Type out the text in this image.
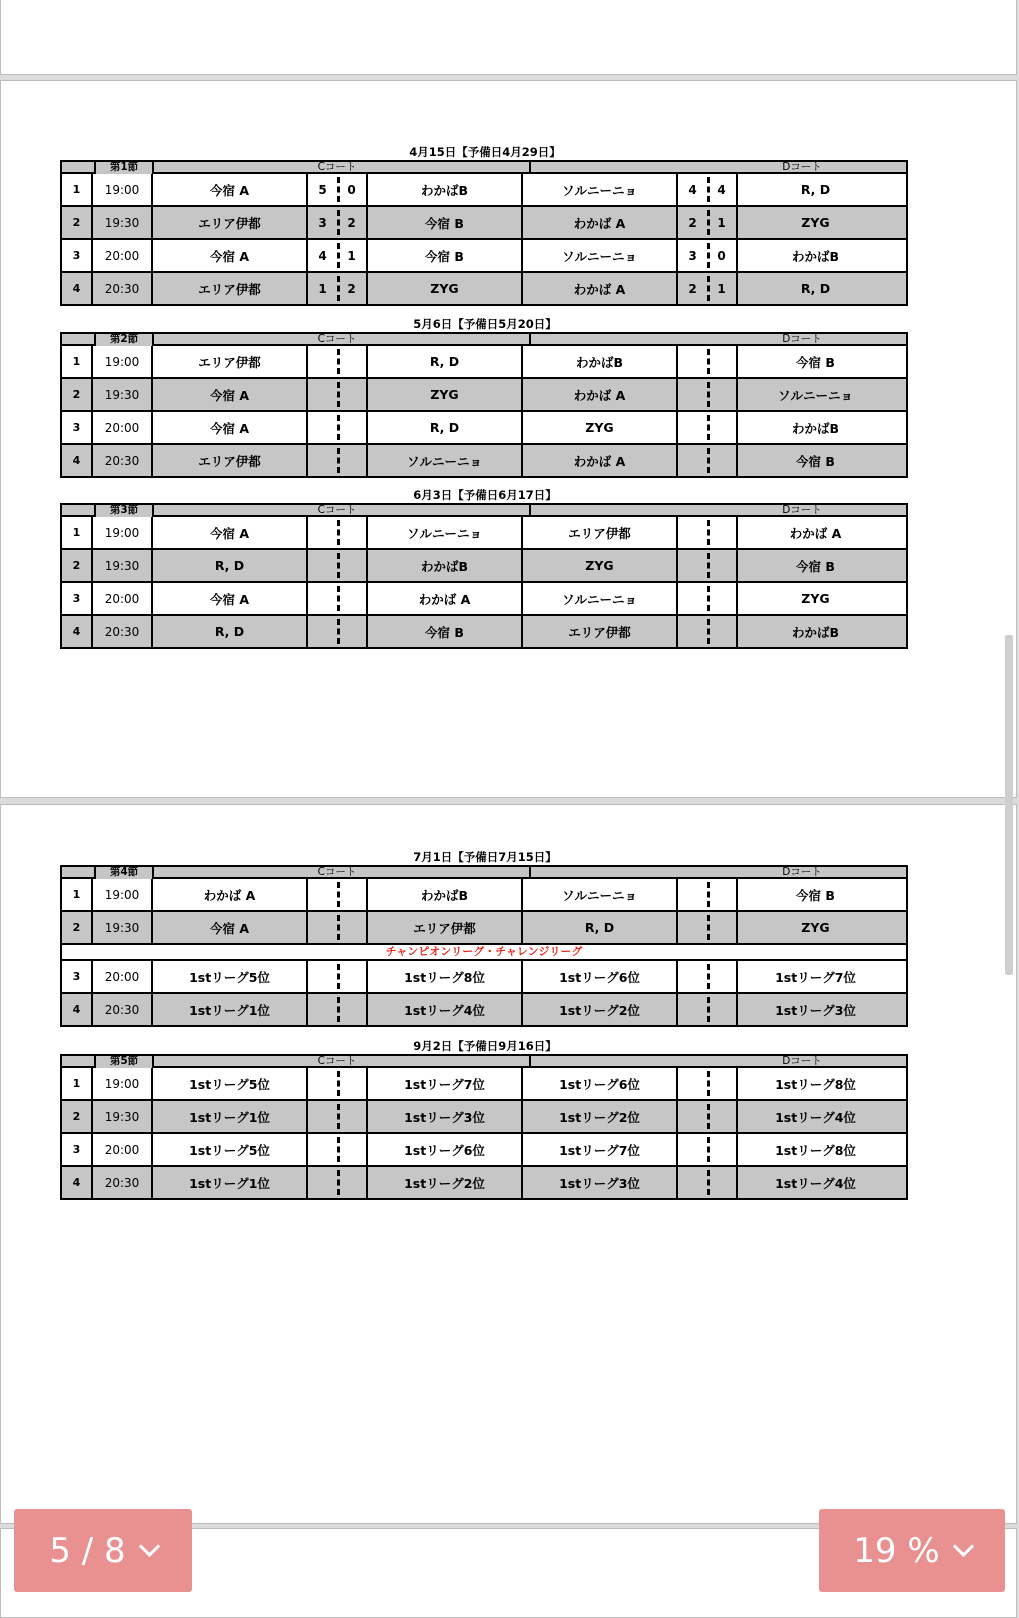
4月15日【予備日4月29日】
第1節	Cコート	Dコート
1	19:00	今宿 A	5	0	わかばB	ソルニーニョ	4	4	R, D
2	19:30	エリア伊都	3	2	今宿 B	わかば A	2	1	ZYG
3	20:00	今宿 A	4	1	今宿 B	ソルニーニョ	3	0	わかばB
4	20:30	エリア伊都	1	2	ZYG	わかば A	2	1	R, D
5月6日【予備日5月20日】
第2節	Cコート	Dコート
1	19:00	エリア伊都	R, D	わかばB	今宿 B
2	19:30	今宿 A	ZYG	わかば A	ソルニーニョ
3	20:00	今宿 A	R, D	ZYG	わかばB
4	20:30	エリア伊都	ソルニーニョ	わかば A	今宿 B
6月3日【予備日6月17日】
第3節	Cコート	Dコート
1	19:00	今宿 A	ソルニーニョ	エリア伊都	わかば A
2	19:30	R, D	わかばB	ZYG	今宿 B
3	20:00	今宿 A	わかば A	ソルニーニョ	ZYG
4	20:30	R, D	今宿 B	エリア伊都	わかばB
7月1日【予備日7月15日】
第4節	Cコート	Dコート
1	19:00	わかば A	わかばB	ソルニーニョ	今宿 B
2	19:30	今宿 A	エリア伊都	R, D	ZYG
チャンピオンリーグ・チャレンジリーグ
3	20:00	1stリーグ5位	1stリーグ8位	1stリーグ6位	1stリーグ7位
4	20:30	1stリーグ1位	1stリーグ4位	1stリーグ2位	1stリーグ3位
9月2日【予備日9月16日】
第5節	Cコート	Dコート
1	19:00	1stリーグ5位	1stリーグ7位	1stリーグ6位	1stリーグ8位
2	19:30	1stリーグ1位	1stリーグ3位	1stリーグ2位	1stリーグ4位
3	20:00	1stリーグ5位	1stリーグ6位	1stリーグ7位	1stリーグ8位
4	20:30	1stリーグ1位	1stリーグ2位	1stリーグ3位	1stリーグ4位
5 / 8	19 %
